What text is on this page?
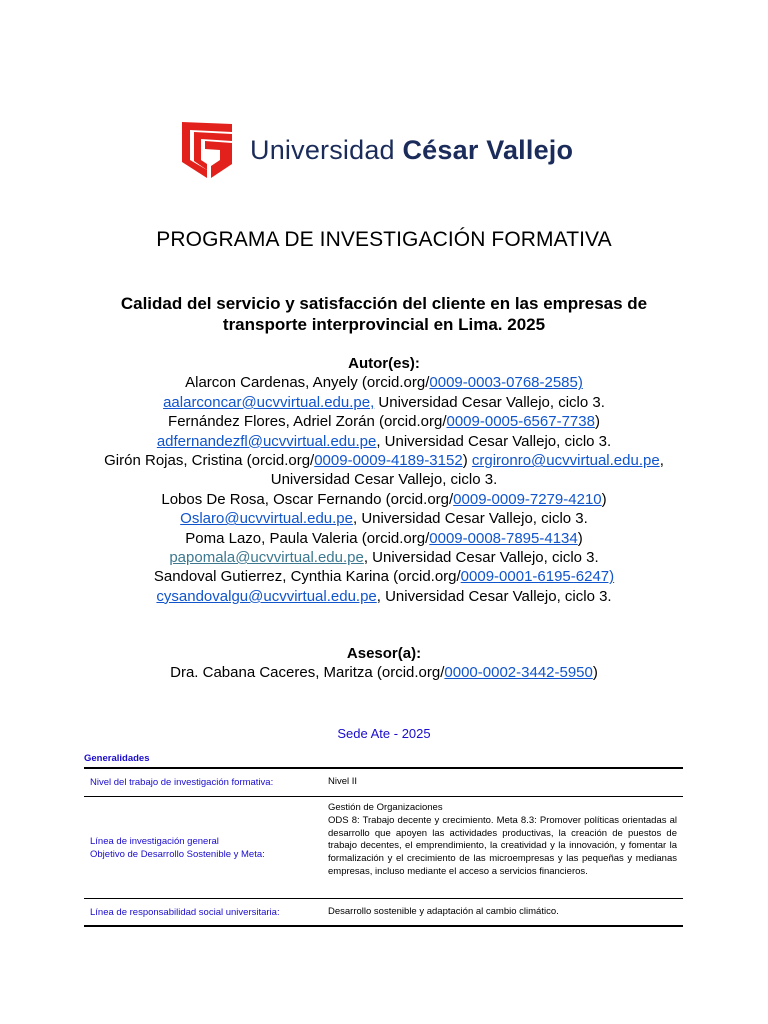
Universidad César Vallejo
PROGRAMA DE INVESTIGACIÓN FORMATIVA
Calidad del servicio y satisfacción del cliente en las empresas de
transporte interprovincial en Lima. 2025
Autor(es):
Alarcon Cardenas, Anyely (orcid.org/0009-0003-0768-2585)
aalarconcar@ucvvirtual.edu.pe, Universidad Cesar Vallejo, ciclo 3.
Fernández Flores, Adriel Zorán (orcid.org/0009-0005-6567-7738)
adfernandezfl@ucvvirtual.edu.pe, Universidad Cesar Vallejo, ciclo 3.
Girón Rojas, Cristina (orcid.org/0009-0009-4189-3152) crgironro@ucvvirtual.edu.pe,
Universidad Cesar Vallejo, ciclo 3.
Lobos De Rosa, Oscar Fernando (orcid.org/0009-0009-7279-4210)
Oslaro@ucvvirtual.edu.pe, Universidad Cesar Vallejo, ciclo 3.
Poma Lazo, Paula Valeria (orcid.org/0009-0008-7895-4134)
papomala@ucvvirtual.edu.pe, Universidad Cesar Vallejo, ciclo 3.
Sandoval Gutierrez, Cynthia Karina (orcid.org/0009-0001-6195-6247)
cysandovalgu@ucvvirtual.edu.pe, Universidad Cesar Vallejo, ciclo 3.
Asesor(a):
Dra. Cabana Caceres, Maritza (orcid.org/0000-0002-3442-5950)
Sede Ate - 2025
Generalidades
Nivel del trabajo de investigación formativa:	Nivel II
Línea de investigación general
Objetivo de Desarrollo Sostenible y Meta:
Gestión de Organizaciones
ODS 8: Trabajo decente y crecimiento. Meta 8.3: Promover políticas orientadas al desarrollo que apoyen las actividades productivas, la creación de puestos de trabajo decentes, el emprendimiento, la creatividad y la innovación, y fomentar la formalización y el crecimiento de las microempresas y las pequeñas y medianas empresas, incluso mediante el acceso a servicios financieros.
Línea de responsabilidad social universitaria:	Desarrollo sostenible y adaptación al cambio climático.
